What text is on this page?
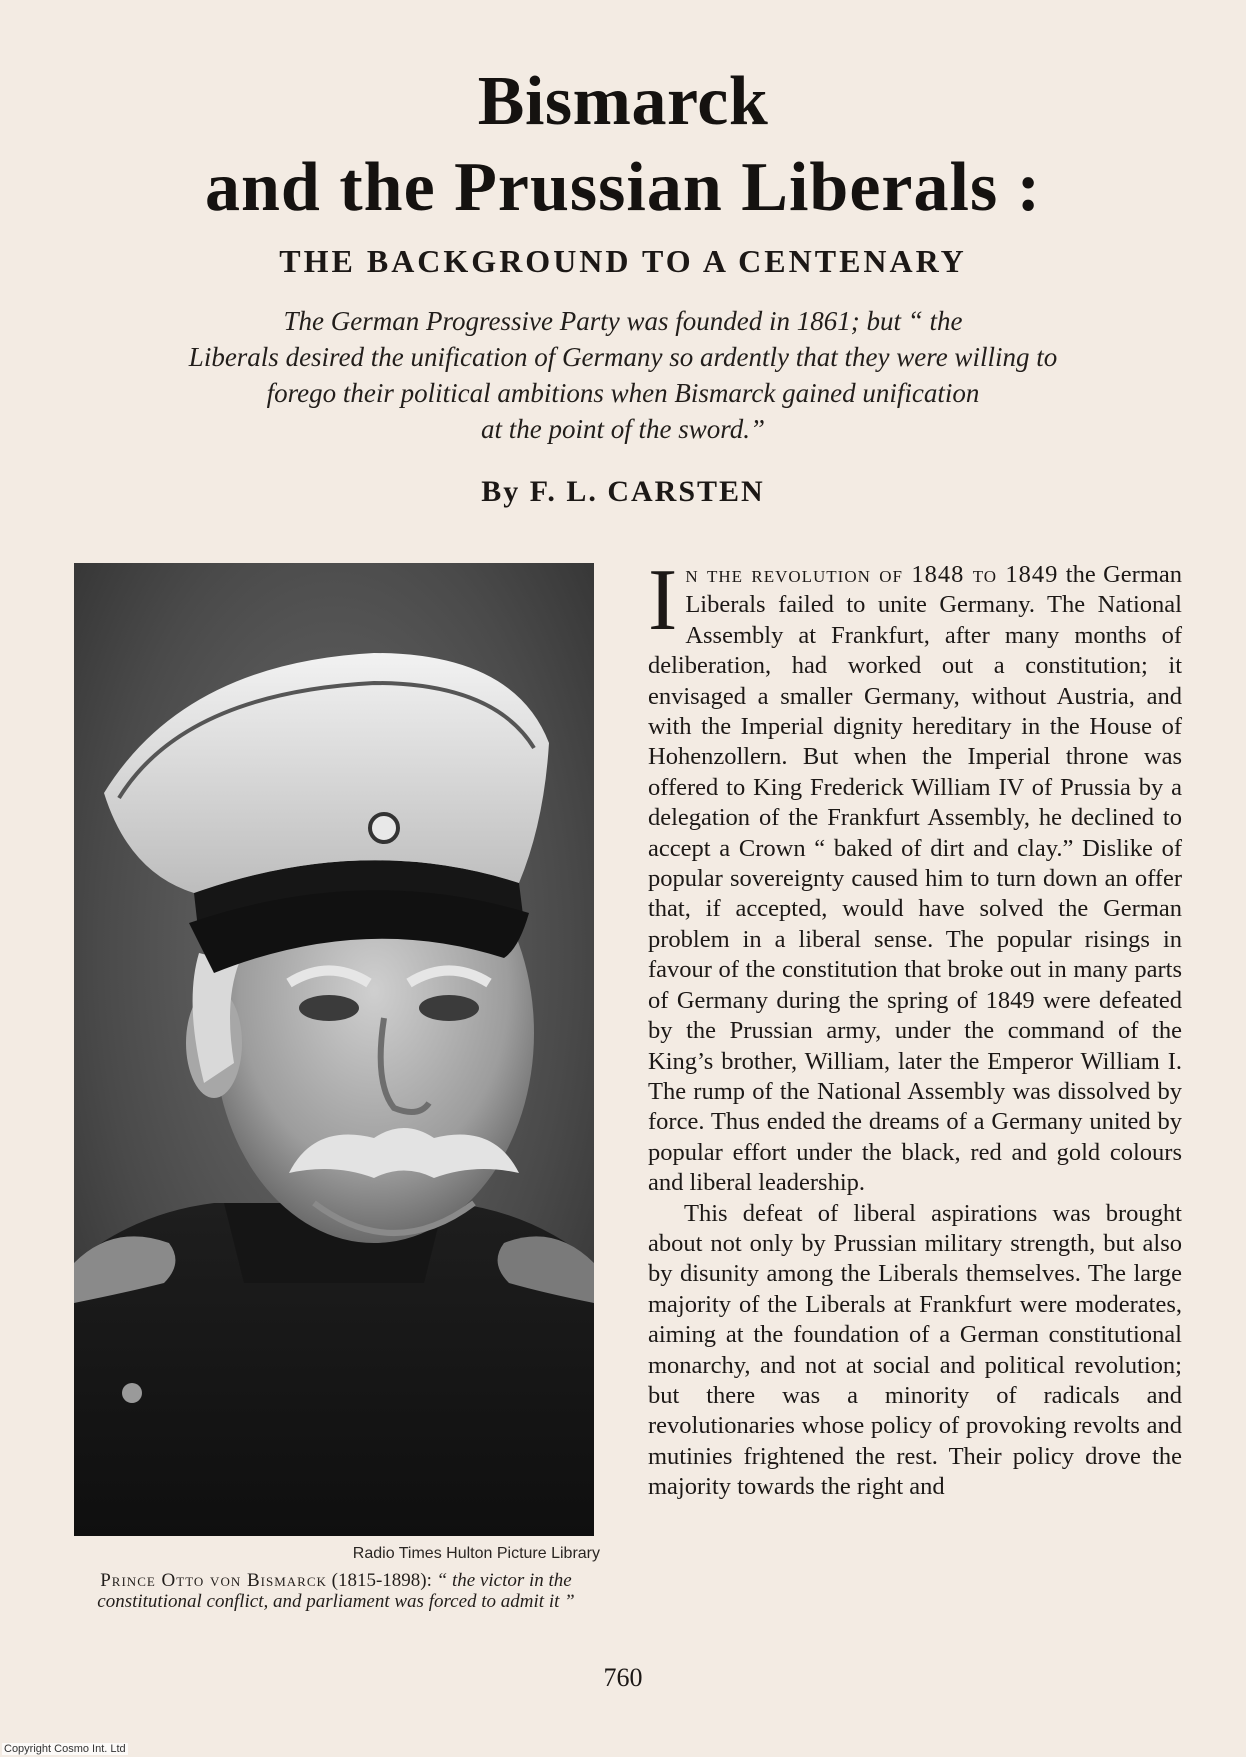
Bismarck
and the Prussian Liberals :
THE BACKGROUND TO A CENTENARY
The German Progressive Party was founded in 1861; but “ the
Liberals desired the unification of Germany so ardently that they were willing to
forego their political ambitions when Bismarck gained unification
at the point of the sword.”
By F. L. CARSTEN
Radio Times Hulton Picture Library
Prince Otto von Bismarck (1815-1898): “ the victor in the constitutional conflict, and parliament was forced to admit it ”

In the revolution of 1848 to 1849 the German Liberals failed to unite Germany. The National Assembly at Frankfurt, after many months of deliberation, had worked out a constitution; it envisaged a smaller Germany, without Austria, and with the Imperial dignity hereditary in the House of Hohenzollern. But when the Imperial throne was offered to King Frederick William IV of Prussia by a delegation of the Frankfurt Assembly, he declined to accept a Crown “ baked of dirt and clay.” Dislike of popular sovereignty caused him to turn down an offer that, if accepted, would have solved the German problem in a liberal sense. The popular risings in favour of the constitution that broke out in many parts of Germany during the spring of 1849 were defeated by the Prussian army, under the command of the King’s brother, William, later the Emperor William I. The rump of the National Assembly was dissolved by force. Thus ended the dreams of a Germany united by popular effort under the black, red and gold colours and liberal leadership.

This defeat of liberal aspirations was brought about not only by Prussian military strength, but also by disunity among the Liberals themselves. The large majority of the Liberals at Frankfurt were moderates, aiming at the foundation of a German constitutional monarchy, and not at social and political revolution; but there was a minority of radicals and revolutionaries whose policy of provoking revolts and mutinies frightened the rest. Their policy drove the majority towards the right and

760
Copyright Cosmo Int. Ltd
